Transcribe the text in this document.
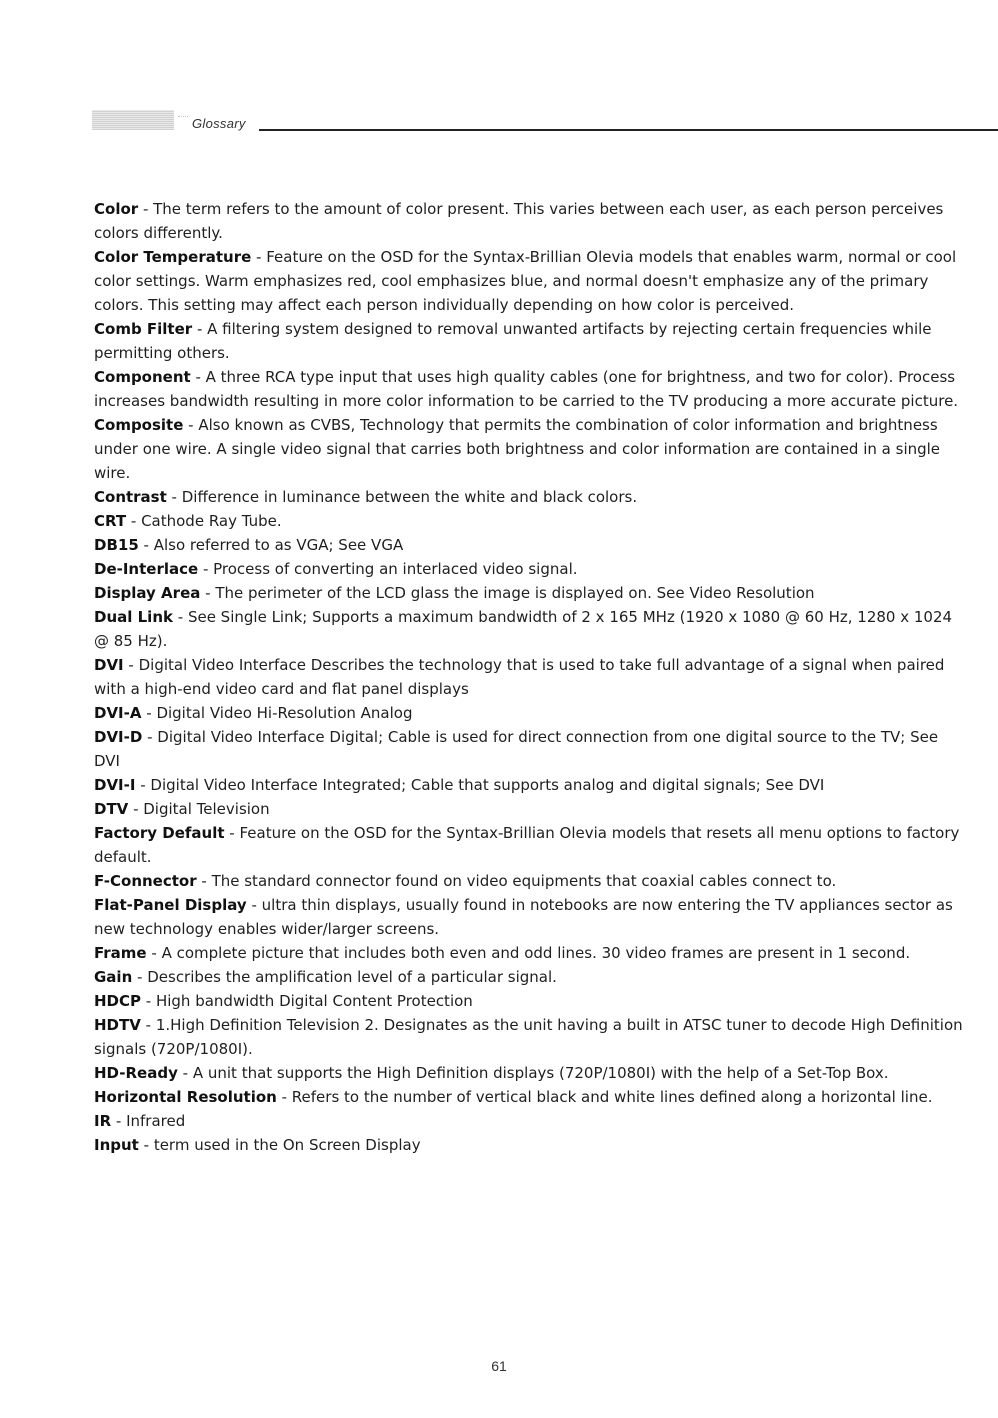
Glossary
Color - The term refers to the amount of color present. This varies between each user, as each person perceives colors differently.
Color Temperature - Feature on the OSD for the Syntax-Brillian Olevia models that enables warm, normal or cool color settings. Warm emphasizes red, cool emphasizes blue, and normal doesn't emphasize any of the primary colors. This setting may affect each person individually depending on how color is perceived.
Comb Filter - A filtering system designed to removal unwanted artifacts by rejecting certain frequencies while permitting others.
Component - A three RCA type input that uses high quality cables (one for brightness, and two for color). Process increases bandwidth resulting in more color information to be carried to the TV producing a more accurate picture.
Composite - Also known as CVBS, Technology that permits the combination of color information and brightness under one wire. A single video signal that carries both brightness and color information are contained in a single wire.
Contrast - Difference in luminance between the white and black colors.
CRT - Cathode Ray Tube.
DB15 - Also referred to as VGA; See VGA
De-Interlace - Process of converting an interlaced video signal.
Display Area - The perimeter of the LCD glass the image is displayed on. See Video Resolution
Dual Link - See Single Link; Supports a maximum bandwidth of 2 x 165 MHz (1920 x 1080 @ 60 Hz, 1280 x 1024 @ 85 Hz).
DVI - Digital Video Interface Describes the technology that is used to take full advantage of a signal when paired with a high-end video card and flat panel displays
DVI-A - Digital Video Hi-Resolution Analog
DVI-D - Digital Video Interface Digital; Cable is used for direct connection from one digital source to the TV; See DVI
DVI-I - Digital Video Interface Integrated; Cable that supports analog and digital signals; See DVI
DTV - Digital Television
Factory Default - Feature on the OSD for the Syntax-Brillian Olevia models that resets all menu options to factory default.
F-Connector - The standard connector found on video equipments that coaxial cables connect to.
Flat-Panel Display - ultra thin displays, usually found in notebooks are now entering the TV appliances sector as new technology enables wider/larger screens.
Frame - A complete picture that includes both even and odd lines. 30 video frames are present in 1 second.
Gain - Describes the amplification level of a particular signal.
HDCP - High bandwidth Digital Content Protection
HDTV - 1.High Definition Television 2. Designates as the unit having a built in ATSC tuner to decode High Definition signals (720P/1080I).
HD-Ready - A unit that supports the High Definition displays (720P/1080I) with the help of a Set-Top Box.
Horizontal Resolution - Refers to the number of vertical black and white lines defined along a horizontal line.
IR - Infrared
Input - term used in the On Screen Display
61
